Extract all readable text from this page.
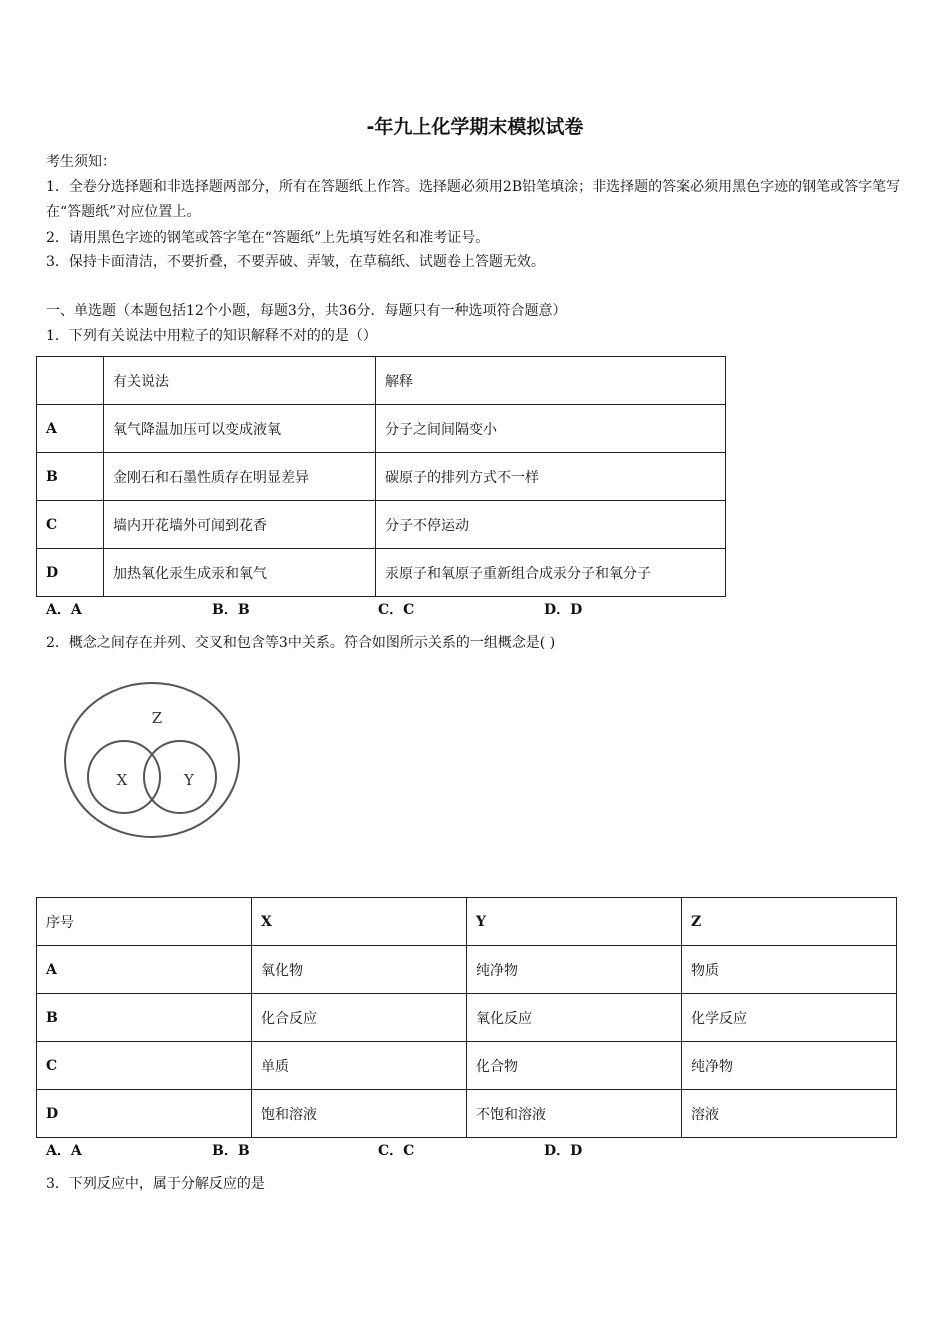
-年九上化学期末模拟试卷
考生须知：
1．全卷分选择题和非选择题两部分，所有在答题纸上作答。选择题必须用2B铅笔填涂；非选择题的答案必须用黑色字迹的钢笔或答字笔写在“答题纸”对应位置上。
2．请用黑色字迹的钢笔或答字笔在“答题纸”上先填写姓名和准考证号。
3．保持卡面清洁，不要折叠，不要弄破、弄皱，在草稿纸、试题卷上答题无效。
一、单选题（本题包括12个小题，每题3分，共36分．每题只有一种选项符合题意）
1．下列有关说法中用粒子的知识解释不对的的是（）
	有关说法	解释
A	氧气降温加压可以变成液氧	分子之间间隔变小
B	金刚石和石墨性质存在明显差异	碳原子的排列方式不一样
C	墙内开花墙外可闻到花香	分子不停运动
D	加热氧化汞生成汞和氧气	汞原子和氧原子重新组合成汞分子和氧分子
A．A	B．B	C．C	D．D
2．概念之间存在并列、交叉和包含等3中关系。符合如图所示关系的一组概念是( )
Z
X	Y
序号	X	Y	Z
A	氧化物	纯净物	物质
B	化合反应	氧化反应	化学反应
C	单质	化合物	纯净物
D	饱和溶液	不饱和溶液	溶液
A．A	B．B	C．C	D．D
3．下列反应中，属于分解反应的是
